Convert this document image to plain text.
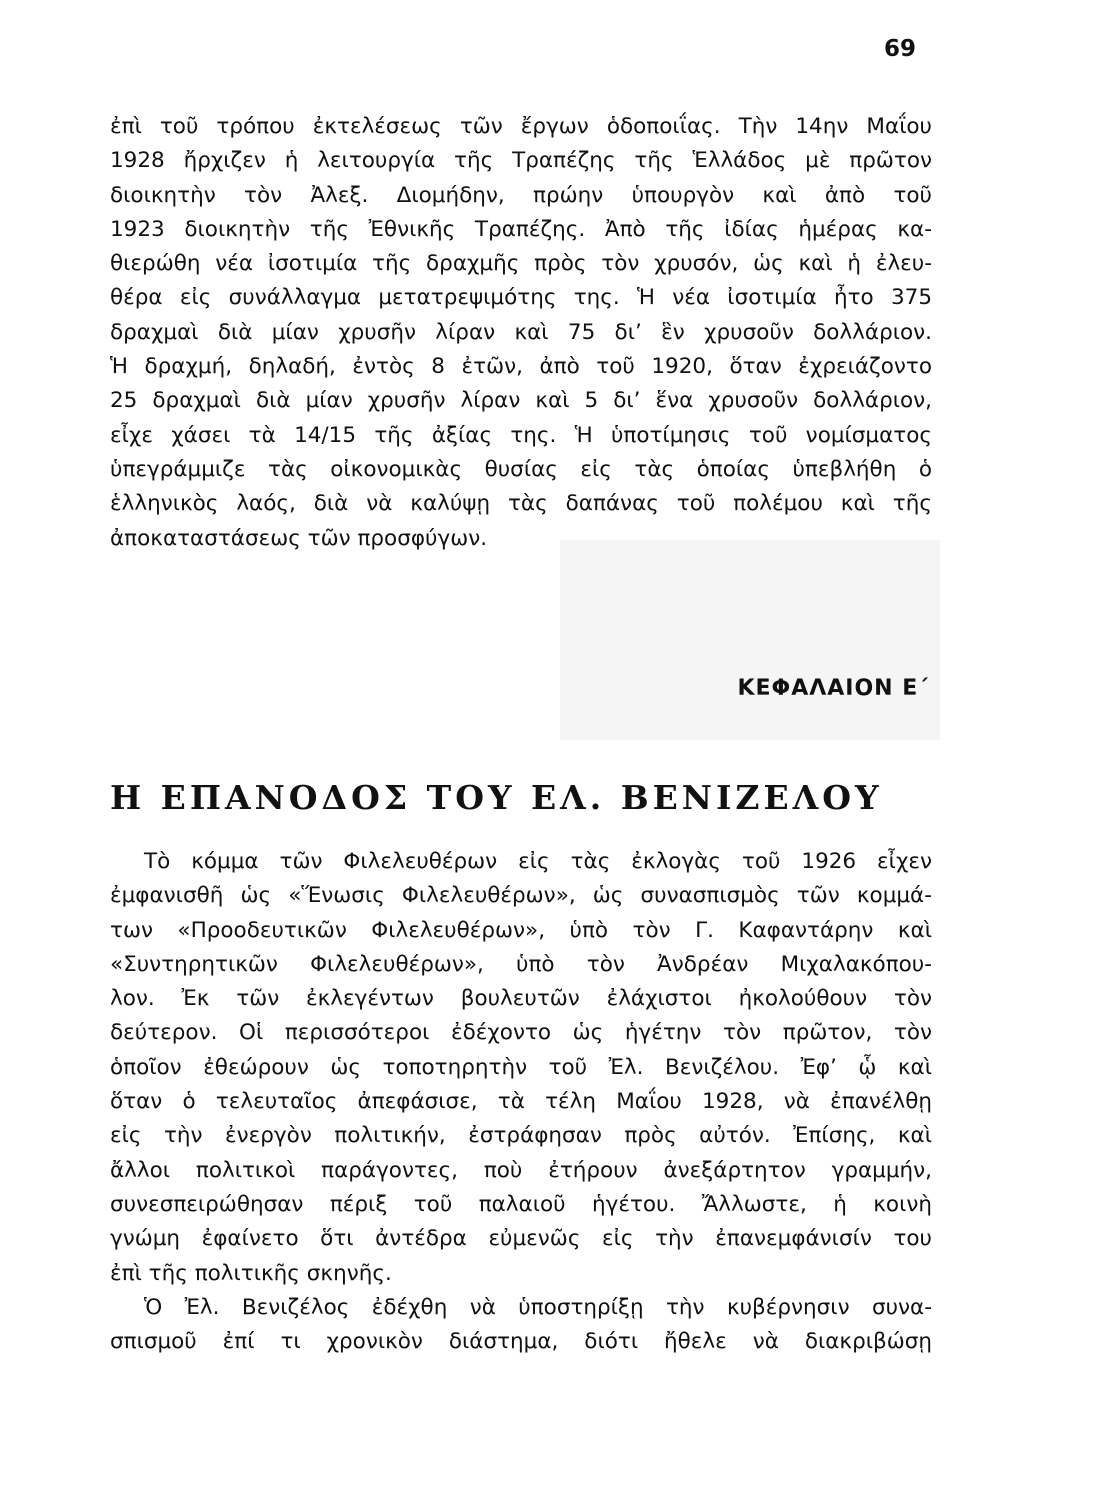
69
ἐπὶ τοῦ τρόπου ἐκτελέσεως τῶν ἔργων ὁδοποιΐας. Τὴν 14ην Μαΐου
1928 ἤρχιζεν ἡ λειτουργία τῆς Τραπέζης τῆς Ἑλλάδος μὲ πρῶτον
διοικητὴν τὸν Ἀλεξ. Διομήδην, πρώην ὑπουργὸν καὶ ἀπὸ τοῦ
1923 διοικητὴν τῆς Ἐθνικῆς Τραπέζης. Ἀπὸ τῆς ἰδίας ἡμέρας κα-
θιερώθη νέα ἰσοτιμία τῆς δραχμῆς πρὸς τὸν χρυσόν, ὡς καὶ ἡ ἐλευ-
θέρα εἰς συνάλλαγμα μετατρεψιμότης της. Ἡ νέα ἰσοτιμία ἦτο 375
δραχμαὶ διὰ μίαν χρυσῆν λίραν καὶ 75 δι’ ἓν χρυσοῦν δολλάριον.
Ἡ δραχμή, δηλαδή, ἐντὸς 8 ἐτῶν, ἀπὸ τοῦ 1920, ὅταν ἐχρειάζοντο
25 δραχμαὶ διὰ μίαν χρυσῆν λίραν καὶ 5 δι’ ἕνα χρυσοῦν δολλάριον,
εἶχε χάσει τὰ 14/15 τῆς ἀξίας της. Ἡ ὑποτίμησις τοῦ νομίσματος
ὑπεγράμμιζε τὰς οἰκονομικὰς θυσίας εἰς τὰς ὁποίας ὑπεβλήθη ὁ
ἑλληνικὸς λαός, διὰ νὰ καλύψῃ τὰς δαπάνας τοῦ πολέμου καὶ τῆς
ἀποκαταστάσεως τῶν προσφύγων.
ΚΕΦΑΛΑΙΟΝ Ε΄
Η ΕΠΑΝΟΔΟΣ ΤΟΥ ΕΛ. ΒΕΝΙΖΕΛΟΥ
Τὸ κόμμα τῶν Φιλελευθέρων εἰς τὰς ἐκλογὰς τοῦ 1926 εἶχεν
ἐμφανισθῆ ὡς «Ἕνωσις Φιλελευθέρων», ὡς συνασπισμὸς τῶν κομμά-
των «Προοδευτικῶν Φιλελευθέρων», ὑπὸ τὸν Γ. Καφαντάρην καὶ
«Συντηρητικῶν Φιλελευθέρων», ὑπὸ τὸν Ἀνδρέαν Μιχαλακόπου-
λον. Ἐκ τῶν ἐκλεγέντων βουλευτῶν ἐλάχιστοι ἠκολούθουν τὸν
δεύτερον. Οἱ περισσότεροι ἐδέχοντο ὡς ἡγέτην τὸν πρῶτον, τὸν
ὁποῖον ἐθεώρουν ὡς τοποτηρητὴν τοῦ Ἐλ. Βενιζέλου. Ἐφ’ ᾧ καὶ
ὅταν ὁ τελευταῖος ἀπεφάσισε, τὰ τέλη Μαΐου 1928, νὰ ἐπανέλθῃ
εἰς τὴν ἐνεργὸν πολιτικήν, ἐστράφησαν πρὸς αὐτόν. Ἐπίσης, καὶ
ἄλλοι πολιτικοὶ παράγοντες, ποὺ ἐτήρουν ἀνεξάρτητον γραμμήν,
συνεσπειρώθησαν πέριξ τοῦ παλαιοῦ ἡγέτου. Ἄλλωστε, ἡ κοινὴ
γνώμη ἐφαίνετο ὅτι ἀντέδρα εὐμενῶς εἰς τὴν ἐπανεμφάνισίν του
ἐπὶ τῆς πολιτικῆς σκηνῆς.
Ὁ Ἐλ. Βενιζέλος ἐδέχθη νὰ ὑποστηρίξῃ τὴν κυβέρνησιν συνα-
σπισμοῦ ἐπί τι χρονικὸν διάστημα, διότι ἤθελε νὰ διακριβώσῃ
